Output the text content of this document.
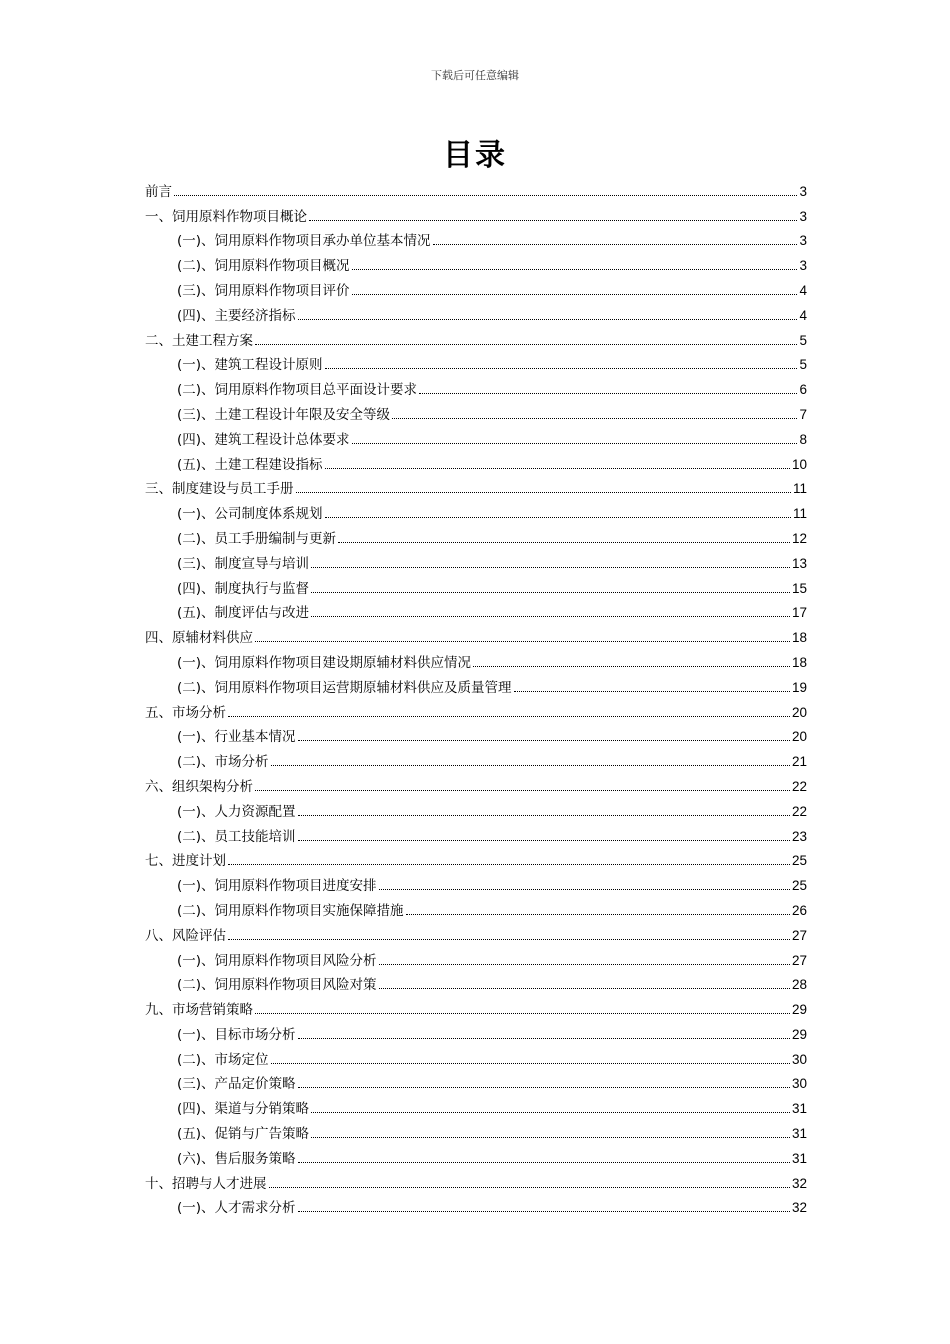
下载后可任意编辑
目录
前言	3
一、饲用原料作物项目概论	3
(一)、饲用原料作物项目承办单位基本情况	3
(二)、饲用原料作物项目概况	3
(三)、饲用原料作物项目评价	4
(四)、主要经济指标	4
二、土建工程方案	5
(一)、建筑工程设计原则	5
(二)、饲用原料作物项目总平面设计要求	6
(三)、土建工程设计年限及安全等级	7
(四)、建筑工程设计总体要求	8
(五)、土建工程建设指标	10
三、制度建设与员工手册	11
(一)、公司制度体系规划	11
(二)、员工手册编制与更新	12
(三)、制度宣导与培训	13
(四)、制度执行与监督	15
(五)、制度评估与改进	17
四、原辅材料供应	18
(一)、饲用原料作物项目建设期原辅材料供应情况	18
(二)、饲用原料作物项目运营期原辅材料供应及质量管理	19
五、市场分析	20
(一)、行业基本情况	20
(二)、市场分析	21
六、组织架构分析	22
(一)、人力资源配置	22
(二)、员工技能培训	23
七、进度计划	25
(一)、饲用原料作物项目进度安排	25
(二)、饲用原料作物项目实施保障措施	26
八、风险评估	27
(一)、饲用原料作物项目风险分析	27
(二)、饲用原料作物项目风险对策	28
九、市场营销策略	29
(一)、目标市场分析	29
(二)、市场定位	30
(三)、产品定价策略	30
(四)、渠道与分销策略	31
(五)、促销与广告策略	31
(六)、售后服务策略	31
十、招聘与人才进展	32
(一)、人才需求分析	32
